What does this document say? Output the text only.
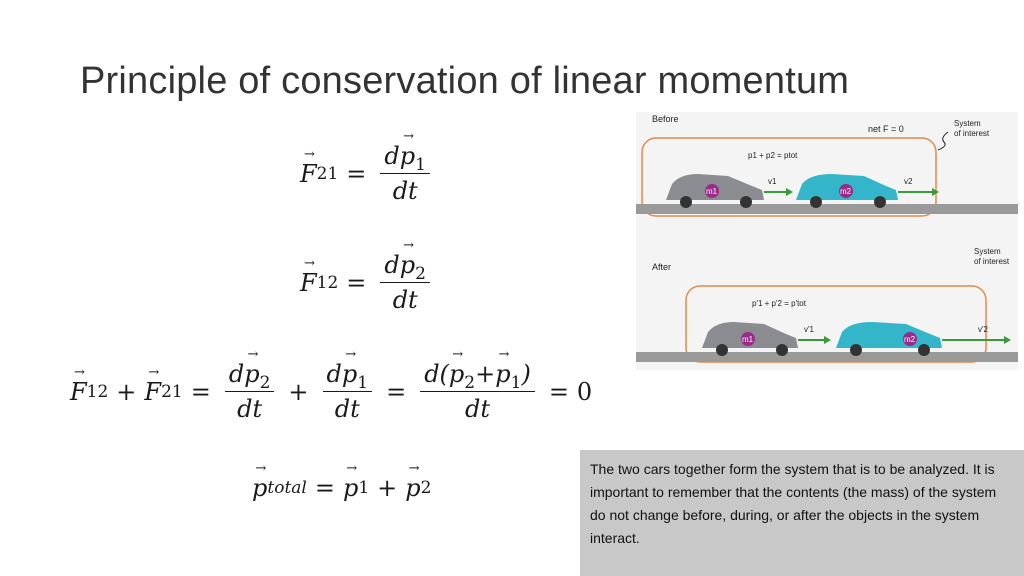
Principle of conservation of linear momentum
→ F $21 = \frac{d\to p_1}{dt}$
→ F $12 = \frac{d\to p_2}{dt}$
→ F 12 + → F $21 = \frac{d\to p_2}{dt} + \frac{d\to p_1}{dt} = \frac{d(\to p_2+\to p_1)}{dt} = 0$
→ p total = → p 1 + → p 2
Before
net F = 0
System
of interest
p1 + p2 = ptot
m1
v1
m2
v2
After
System
of interest
p'1 + p'2 = p'tot
m1
v'1
m2
v'2
The two cars together form the system that is to be analyzed. It is important to remember that the contents (the mass) of the system do not change before, during, or after the objects in the system interact.
